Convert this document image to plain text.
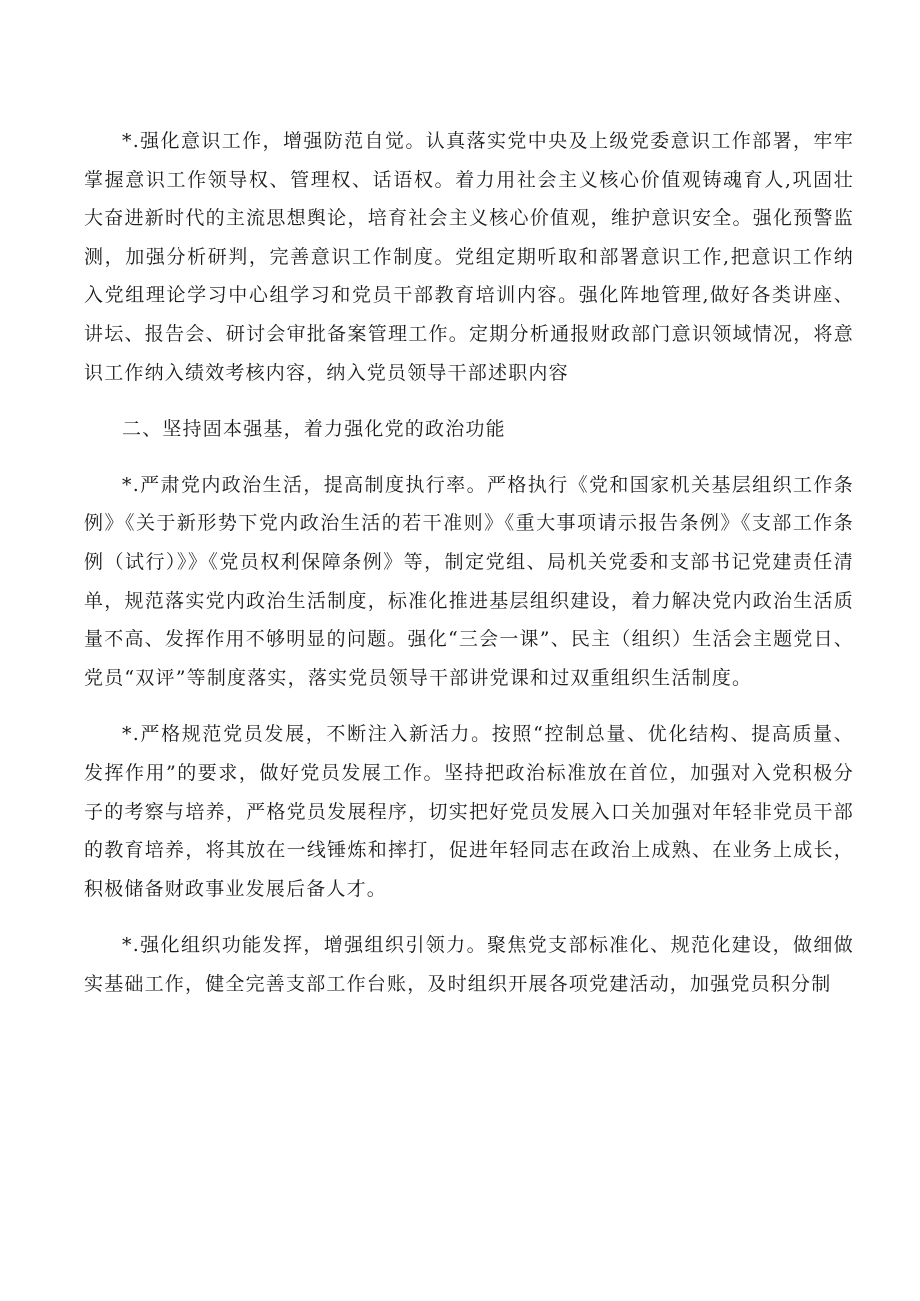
*.强化意识工作，增强防范自觉。认真落实党中央及上级党委意识工作部署，牢牢掌握意识工作领导权、管理权、话语权。着力用社会主义核心价值观铸魂育人,巩固壮大奋进新时代的主流思想舆论，培育社会主义核心价值观，维护意识安全。强化预警监测，加强分析研判，完善意识工作制度。党组定期听取和部署意识工作,把意识工作纳入党组理论学习中心组学习和党员干部教育培训内容。强化阵地管理,做好各类讲座、讲坛、报告会、研讨会审批备案管理工作。定期分析通报财政部门意识领域情况，将意识工作纳入绩效考核内容，纳入党员领导干部述职内容

二、坚持固本强基，着力强化党的政治功能

*.严肃党内政治生活，提高制度执行率。严格执行《党和国家机关基层组织工作条例》《关于新形势下党内政治生活的若干准则》《重大事项请示报告条例》《支部工作条例（试行）》》《党员权利保障条例》等，制定党组、局机关党委和支部书记党建责任清单，规范落实党内政治生活制度，标准化推进基层组织建设，着力解决党内政治生活质量不高、发挥作用不够明显的问题。强化“三会一课”、民主（组织）生活会主题党日、党员“双评”等制度落实，落实党员领导干部讲党课和过双重组织生活制度。

*.严格规范党员发展，不断注入新活力。按照“控制总量、优化结构、提高质量、发挥作用”的要求，做好党员发展工作。坚持把政治标准放在首位，加强对入党积极分子的考察与培养，严格党员发展程序，切实把好党员发展入口关加强对年轻非党员干部的教育培养，将其放在一线锤炼和摔打，促进年轻同志在政治上成熟、在业务上成长，积极储备财政事业发展后备人才。

*.强化组织功能发挥，增强组织引领力。聚焦党支部标准化、规范化建设，做细做实基础工作，健全完善支部工作台账，及时组织开展各项党建活动，加强党员积分制
